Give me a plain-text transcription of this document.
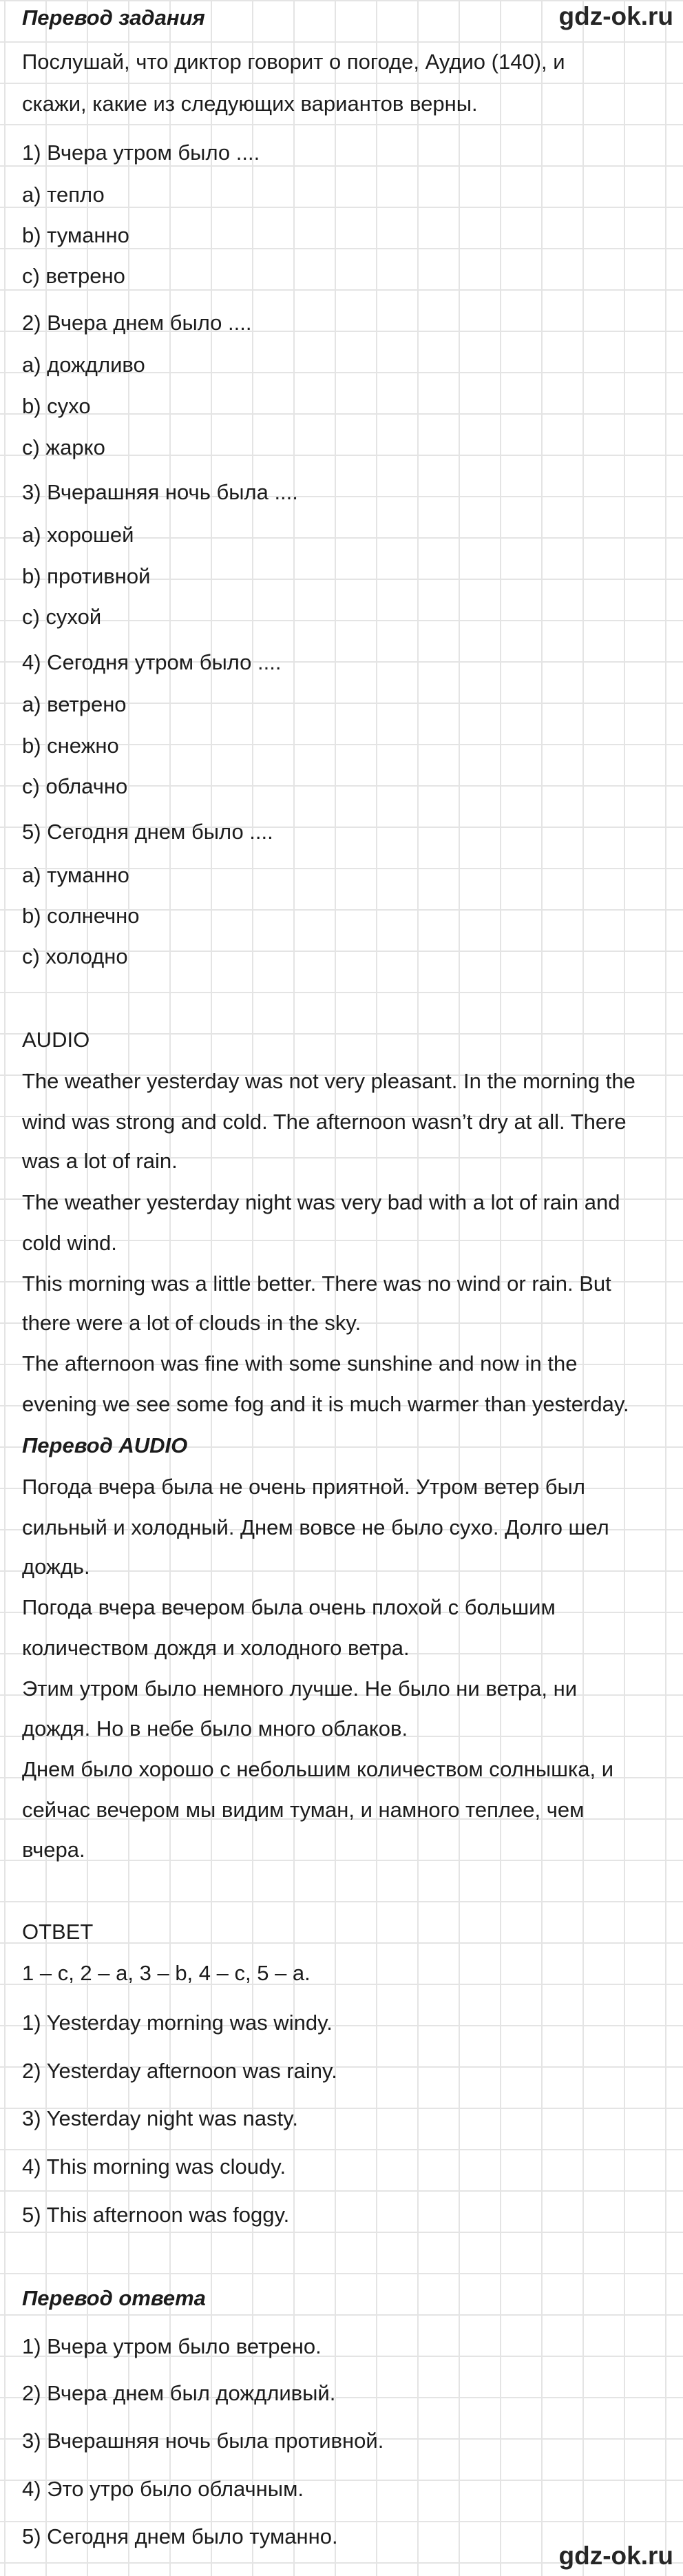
gdz-ok.ru

Перевод задания

Послушай, что диктор говорит о погоде, Аудио (140), и

скажи, какие из следующих вариантов верны.

1) Вчера утром было ....

a) тепло

b) туманно

c) ветрено

2) Вчера днем было ....

a) дождливо

b) сухо

c) жарко

3) Вчерашняя ночь была ....

a) хорошей

b) противной

c) сухой

4) Сегодня утром было ....

a) ветрено

b) снежно

c) облачно

5) Сегодня днем было ....

a) туманно

b) солнечно

c) холодно

AUDIO

The weather yesterday was not very pleasant. In the morning the

wind was strong and cold. The afternoon wasn’t dry at all. There

was a lot of rain.

The weather yesterday night was very bad with a lot of rain and

cold wind.

This morning was a little better. There was no wind or rain. But

there were a lot of clouds in the sky.

The afternoon was fine with some sunshine and now in the

evening we see some fog and it is much warmer than yesterday.

Перевод AUDIO

Погода вчера была не очень приятной. Утром ветер был

сильный и холодный. Днем вовсе не было сухо. Долго шел

дождь.

Погода вчера вечером была очень плохой с большим

количеством дождя и холодного ветра.

Этим утром было немного лучше. Не было ни ветра, ни

дождя. Но в небе было много облаков.

Днем было хорошо с небольшим количеством солнышка, и

сейчас вечером мы видим туман, и намного теплее, чем

вчера.

ОТВЕТ

1 – c, 2 – a, 3 – b, 4 – c, 5 – a.

1) Yesterday morning was windy.

2) Yesterday afternoon was rainy.

3) Yesterday night was nasty.

4) This morning was cloudy.

5) This afternoon was foggy.

Перевод ответа

1) Вчера утром было ветрено.

2) Вчера днем был дождливый.

3) Вчерашняя ночь была противной.

4) Это утро было облачным.

5) Сегодня днем было туманно.

gdz-ok.ru
